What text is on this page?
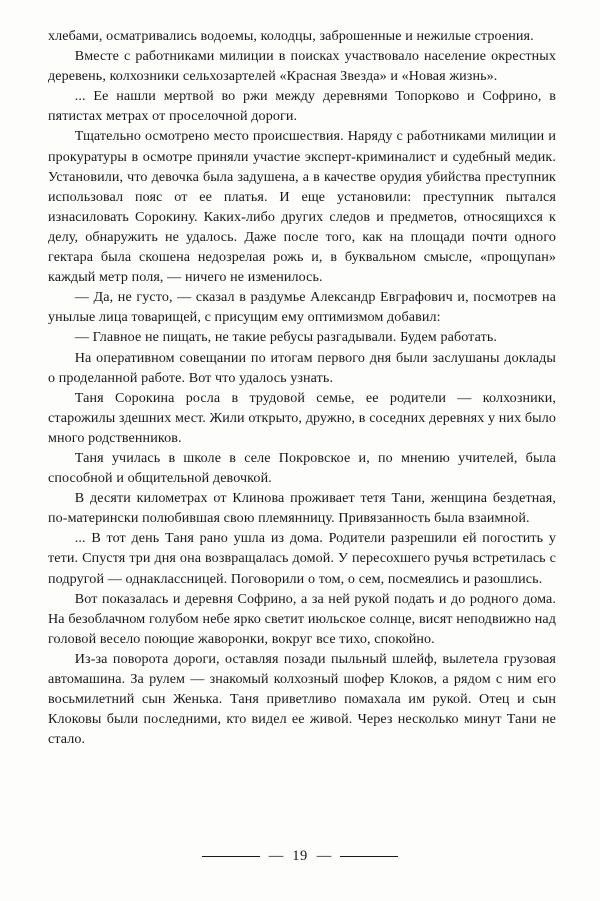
хлебами, осматривались водоемы, колодцы, заброшенные и нежилые строения.

Вместе с работниками милиции в поисках участвовало население окрестных деревень, колхозники сельхозартелей «Красная Звезда» и «Новая жизнь».

... Ее нашли мертвой во ржи между деревнями Топорково и Софрино, в пятистах метрах от проселочной дороги.

Тщательно осмотрено место происшествия. Наряду с работниками милиции и прокуратуры в осмотре приняли участие эксперт-криминалист и судебный медик. Установили, что девочка была задушена, а в качестве орудия убийства преступник использовал пояс от ее платья. И еще установили: преступник пытался изнасиловать Сорокину. Каких-либо других следов и предметов, относящихся к делу, обнаружить не удалось. Даже после того, как на площади почти одного гектара была скошена недозрелая рожь и, в буквальном смысле, «прощупан» каждый метр поля, — ничего не изменилось.

— Да, не густо, — сказал в раздумье Александр Евграфович и, посмотрев на унылые лица товарищей, с присущим ему оптимизмом добавил:

— Главное не пищать, не такие ребусы разгадывали. Будем работать.

На оперативном совещании по итогам первого дня были заслушаны доклады о проделанной работе. Вот что удалось узнать.

Таня Сорокина росла в трудовой семье, ее родители — колхозники, старожилы здешних мест. Жили открыто, дружно, в соседних деревнях у них было много родственников.

Таня училась в школе в селе Покровское и, по мнению учителей, была способной и общительной девочкой.

В десяти километрах от Клинова проживает тетя Тани, женщина бездетная, по-матерински полюбившая свою племянницу. Привязанность была взаимной.

... В тот день Таня рано ушла из дома. Родители разрешили ей погостить у тети. Спустя три дня она возвращалась домой. У пересохшего ручья встретилась с подругой — однакласcницей. Поговорили о том, о сем, посмеялись и разошлись.

Вот показалась и деревня Софрино, а за ней рукой подать и до родного дома. На безоблачном голубом небе ярко светит июльское солнце, висят неподвижно над головой весело поющие жаворонки, вокруг все тихо, спокойно.

Из-за поворота дороги, оставляя позади пыльный шлейф, вылетела грузовая автомашина. За рулем — знакомый колхозный шофер Клоков, а рядом с ним его восьмилетний сын Женька. Таня приветливо помахала им рукой. Отец и сын Клоковы были последними, кто видел ее живой. Через несколько минут Тани не стало.

— 19 —
